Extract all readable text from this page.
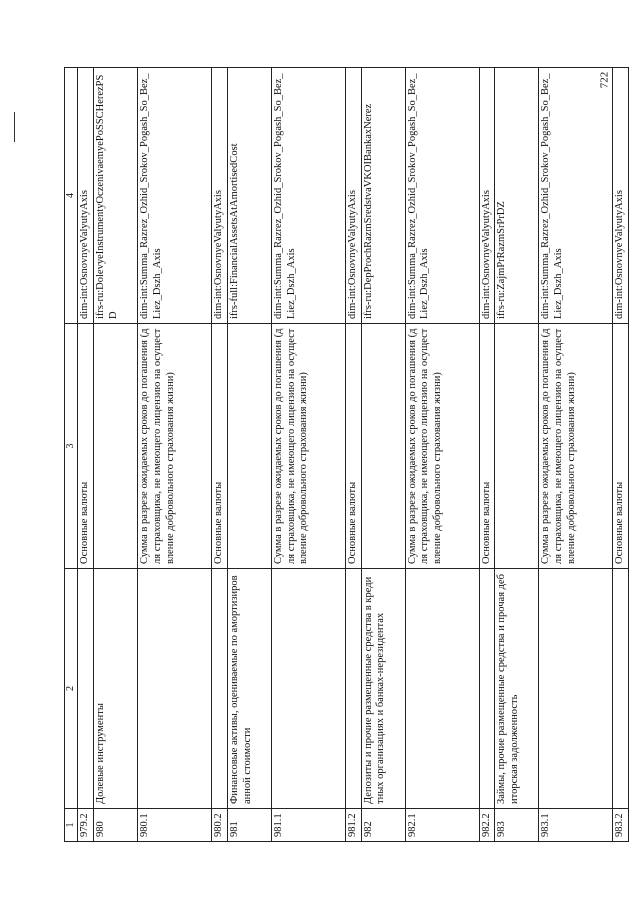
722
1	2	3	4
979.2		Основные валюты	dim-int:OsnovnyeValyutyAxis
980	Долевые инструменты		ifrs-ru:DolevyeInstrumentyOczenivaemyePoSSCHerezPSD
980.1		Сумма в разрезе ожидаемых сроков до погашения (для страховщика, не имеющего лицензию на осуществление добровольного страхования жизни)	dim-int:Summa_Razrez_Ozhid_Srokov_Pogash_So_Bez_Liez_Dszh_Axis
980.2		Основные валюты	dim-int:OsnovnyeValyutyAxis
981	Финансовые активы, оцениваемые по амортизированной стоимости		ifrs-full:FinancialAssetsAtAmortisedCost
981.1		Сумма в разрезе ожидаемых сроков до погашения (для страховщика, не имеющего лицензию на осуществление добровольного страхования жизни)	dim-int:Summa_Razrez_Ozhid_Srokov_Pogash_So_Bez_Liez_Dszh_Axis
981.2		Основные валюты	dim-int:OsnovnyeValyutyAxis
982	Депозиты и прочие размещенные средства в кредитных организациях и банках-нерезидентах		ifrs-ru:DepProchRazmSredstvaVKOIBankaxNerez
982.1		Сумма в разрезе ожидаемых сроков до погашения (для страховщика, не имеющего лицензию на осуществление добровольного страхования жизни)	dim-int:Summa_Razrez_Ozhid_Srokov_Pogash_So_Bez_Liez_Dszh_Axis
982.2		Основные валюты	dim-int:OsnovnyeValyutyAxis
983	Займы, прочие размещенные средства и прочая дебиторская задолженность		ifrs-ru:ZajmPrRazmSrPrDZ
983.1		Сумма в разрезе ожидаемых сроков до погашения (для страховщика, не имеющего лицензию на осуществление добровольного страхования жизни)	dim-int:Summa_Razrez_Ozhid_Srokov_Pogash_So_Bez_Liez_Dszh_Axis
983.2		Основные валюты	dim-int:OsnovnyeValyutyAxis
